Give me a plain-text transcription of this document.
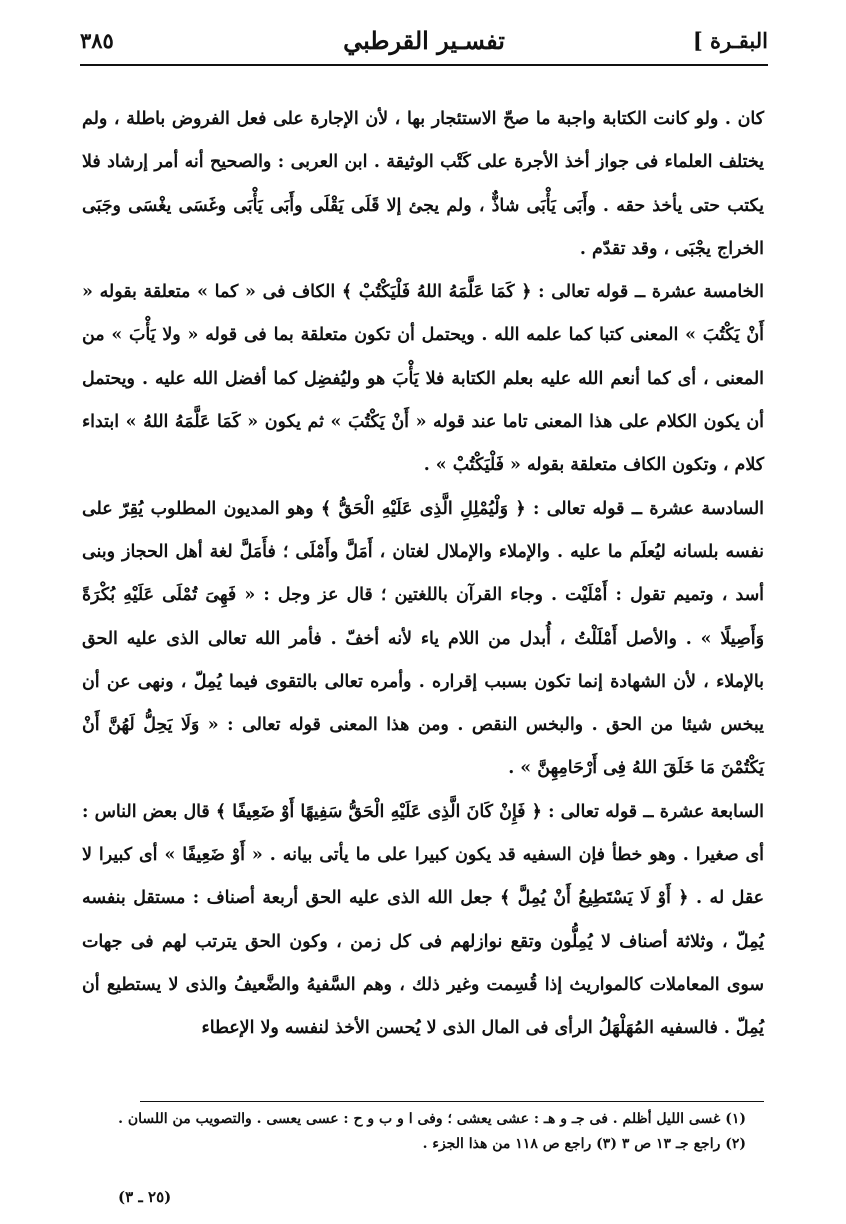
البقـرة ]
تفسـير القرطبي
٣٨٥

كان . ولو كانت الكتابة واجبة ما صحّ الاستئجار بها ، لأن الإجارة على فعل الفروض باطلة ، ولم يختلف العلماء فى جواز أخذ الأجرة على كَتْب الوثيقة . ابن العربى : والصحيح أنه أمر إرشاد فلا يكتب حتى يأخذ حقه . وأَبَى يَأْبَى شاذٌّ ، ولم يجئ إلا قَلَى يَقْلَى وأَبَى يَأْبَى وغَسَى يغْسَى وجَبَى الخراج يجْبَى ، وقد تقدّم .

الخامسة عشرة ــ قوله تعالى : ﴿ كَمَا عَلَّمَهُ اللهُ فَلْيَكْتُبْ ﴾ الكاف فى « كما » متعلقة بقوله « أَنْ يَكْتُبَ » المعنى كتبا كما علمه الله . ويحتمل أن تكون متعلقة بما فى قوله « ولا يَأْبَ » من المعنى ، أى كما أنعم الله عليه بعلم الكتابة فلا يَأْبَ هو وليُفضِل كما أفضل الله عليه . ويحتمل أن يكون الكلام على هذا المعنى تاما عند قوله « أَنْ يَكْتُبَ » ثم يكون « كَمَا عَلَّمَهُ اللهُ » ابتداء كلام ، وتكون الكاف متعلقة بقوله « فَلْيَكْتُبْ » .

السادسة عشرة ــ قوله تعالى : ﴿ وَلْيُمْلِلِ الَّذِى عَلَيْهِ الْحَقُّ ﴾ وهو المديون المطلوب يُقِرّ على نفسه بلسانه ليُعلَم ما عليه . والإملاء والإملال لغتان ، أَمَلَّ وأَمْلَى ؛ فأَمَلَّ لغة أهل الحجاز وبنى أسد ، وتميم تقول : أَمْلَيْت . وجاء القرآن باللغتين ؛ قال عز وجل : « فَهِىَ تُمْلَى عَلَيْهِ بُكْرَةً وَأَصِيلًا » . والأصل أَمْلَلْتُ ، أُبدل من اللام ياء لأنه أخفّ . فأمر الله تعالى الذى عليه الحق بالإملاء ، لأن الشهادة إنما تكون بسبب إقراره . وأمره تعالى بالتقوى فيما يُمِلّ ، ونهى عن أن يبخس شيئا من الحق . والبخس النقص . ومن هذا المعنى قوله تعالى : « وَلَا يَحِلُّ لَهُنَّ أَنْ يَكْتُمْنَ مَا خَلَقَ اللهُ فِى أَرْحَامِهِنَّ » .

السابعة عشرة ــ قوله تعالى : ﴿ فَإِنْ كَانَ الَّذِى عَلَيْهِ الْحَقُّ سَفِيهًا أَوْ ضَعِيفًا ﴾ قال بعض الناس : أى صغيرا . وهو خطأ فإن السفيه قد يكون كبيرا على ما يأتى بيانه . « أَوْ ضَعِيفًا » أى كبيرا لا عقل له . ﴿ أَوْ لَا يَسْتَطِيعُ أَنْ يُمِلَّ ﴾ جعل الله الذى عليه الحق أربعة أصناف : مستقل بنفسه يُمِلّ ، وثلاثة أصناف لا يُمِلُّون وتقع نوازلهم فى كل زمن ، وكون الحق يترتب لهم فى جهات سوى المعاملات كالمواريث إذا قُسِمت وغير ذلك ، وهم السَّفيهُ والضَّعيفُ والذى لا يستطيع أن يُمِلّ . فالسفيه المُهَلْهَلُ الرأى فى المال الذى لا يُحسن الأخذ لنفسه ولا الإعطاء

(١) غسى الليل أظلم . فى جـ و هـ : عشى يعشى ؛ وفى ا و ب و ح : عسى يعسى . والتصويب من اللسان .

(٢) راجع جـ ١٣ ص ٣ (٣) راجع ص ١١٨ من هذا الجزء .

(٢٥ ـ ٣)
